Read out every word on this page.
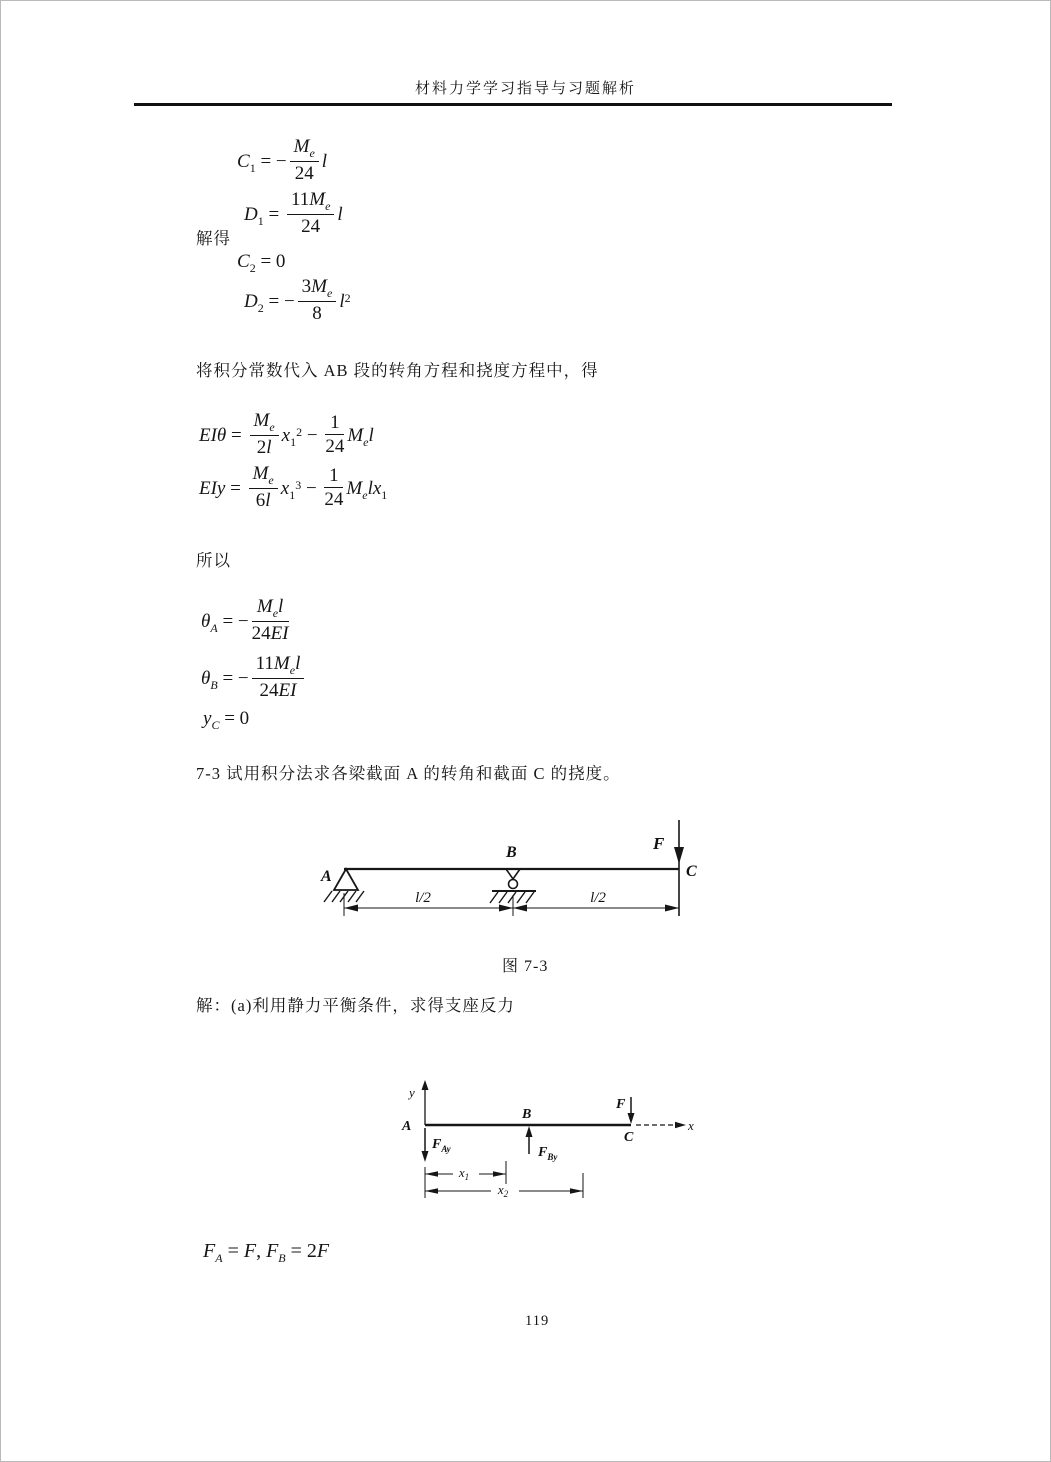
材料力学学习指导与习题解析
$C_1$ = − $\frac{M_e}{24}$ l
$D_1 = \frac{11M_e}{24}$ l
解得
$C_2 = 0$
$D_2$ = − $\frac{3M_e}{8} l^2$
将积分常数代入 AB 段的转角方程和挠度方程中，得
$EI\theta = \frac{M_e}{2l} x_1^2 - \frac{1}{24} M_el$
EIy = $\frac{M_e}{6l} x_1^3 - \frac{1}{24} M_elx_1$
所以
$\theta_A$ = − $\frac{M_el}{24EI}$
$\theta_B$ = − $\frac{11M_el}{24EI}$
$y_C = 0$
7-3 试用积分法求各梁截面 A 的转角和截面 C 的挠度。
A
B
C
F
l/2	l/2
图 7-3
解：(a)利用静力平衡条件，求得支座反力
y
x
A
B
C
F
$F_{Ay}$	$F_{By}$
$x_1$
$x_2$
$F_A = F$, $F_B = 2F$
119
